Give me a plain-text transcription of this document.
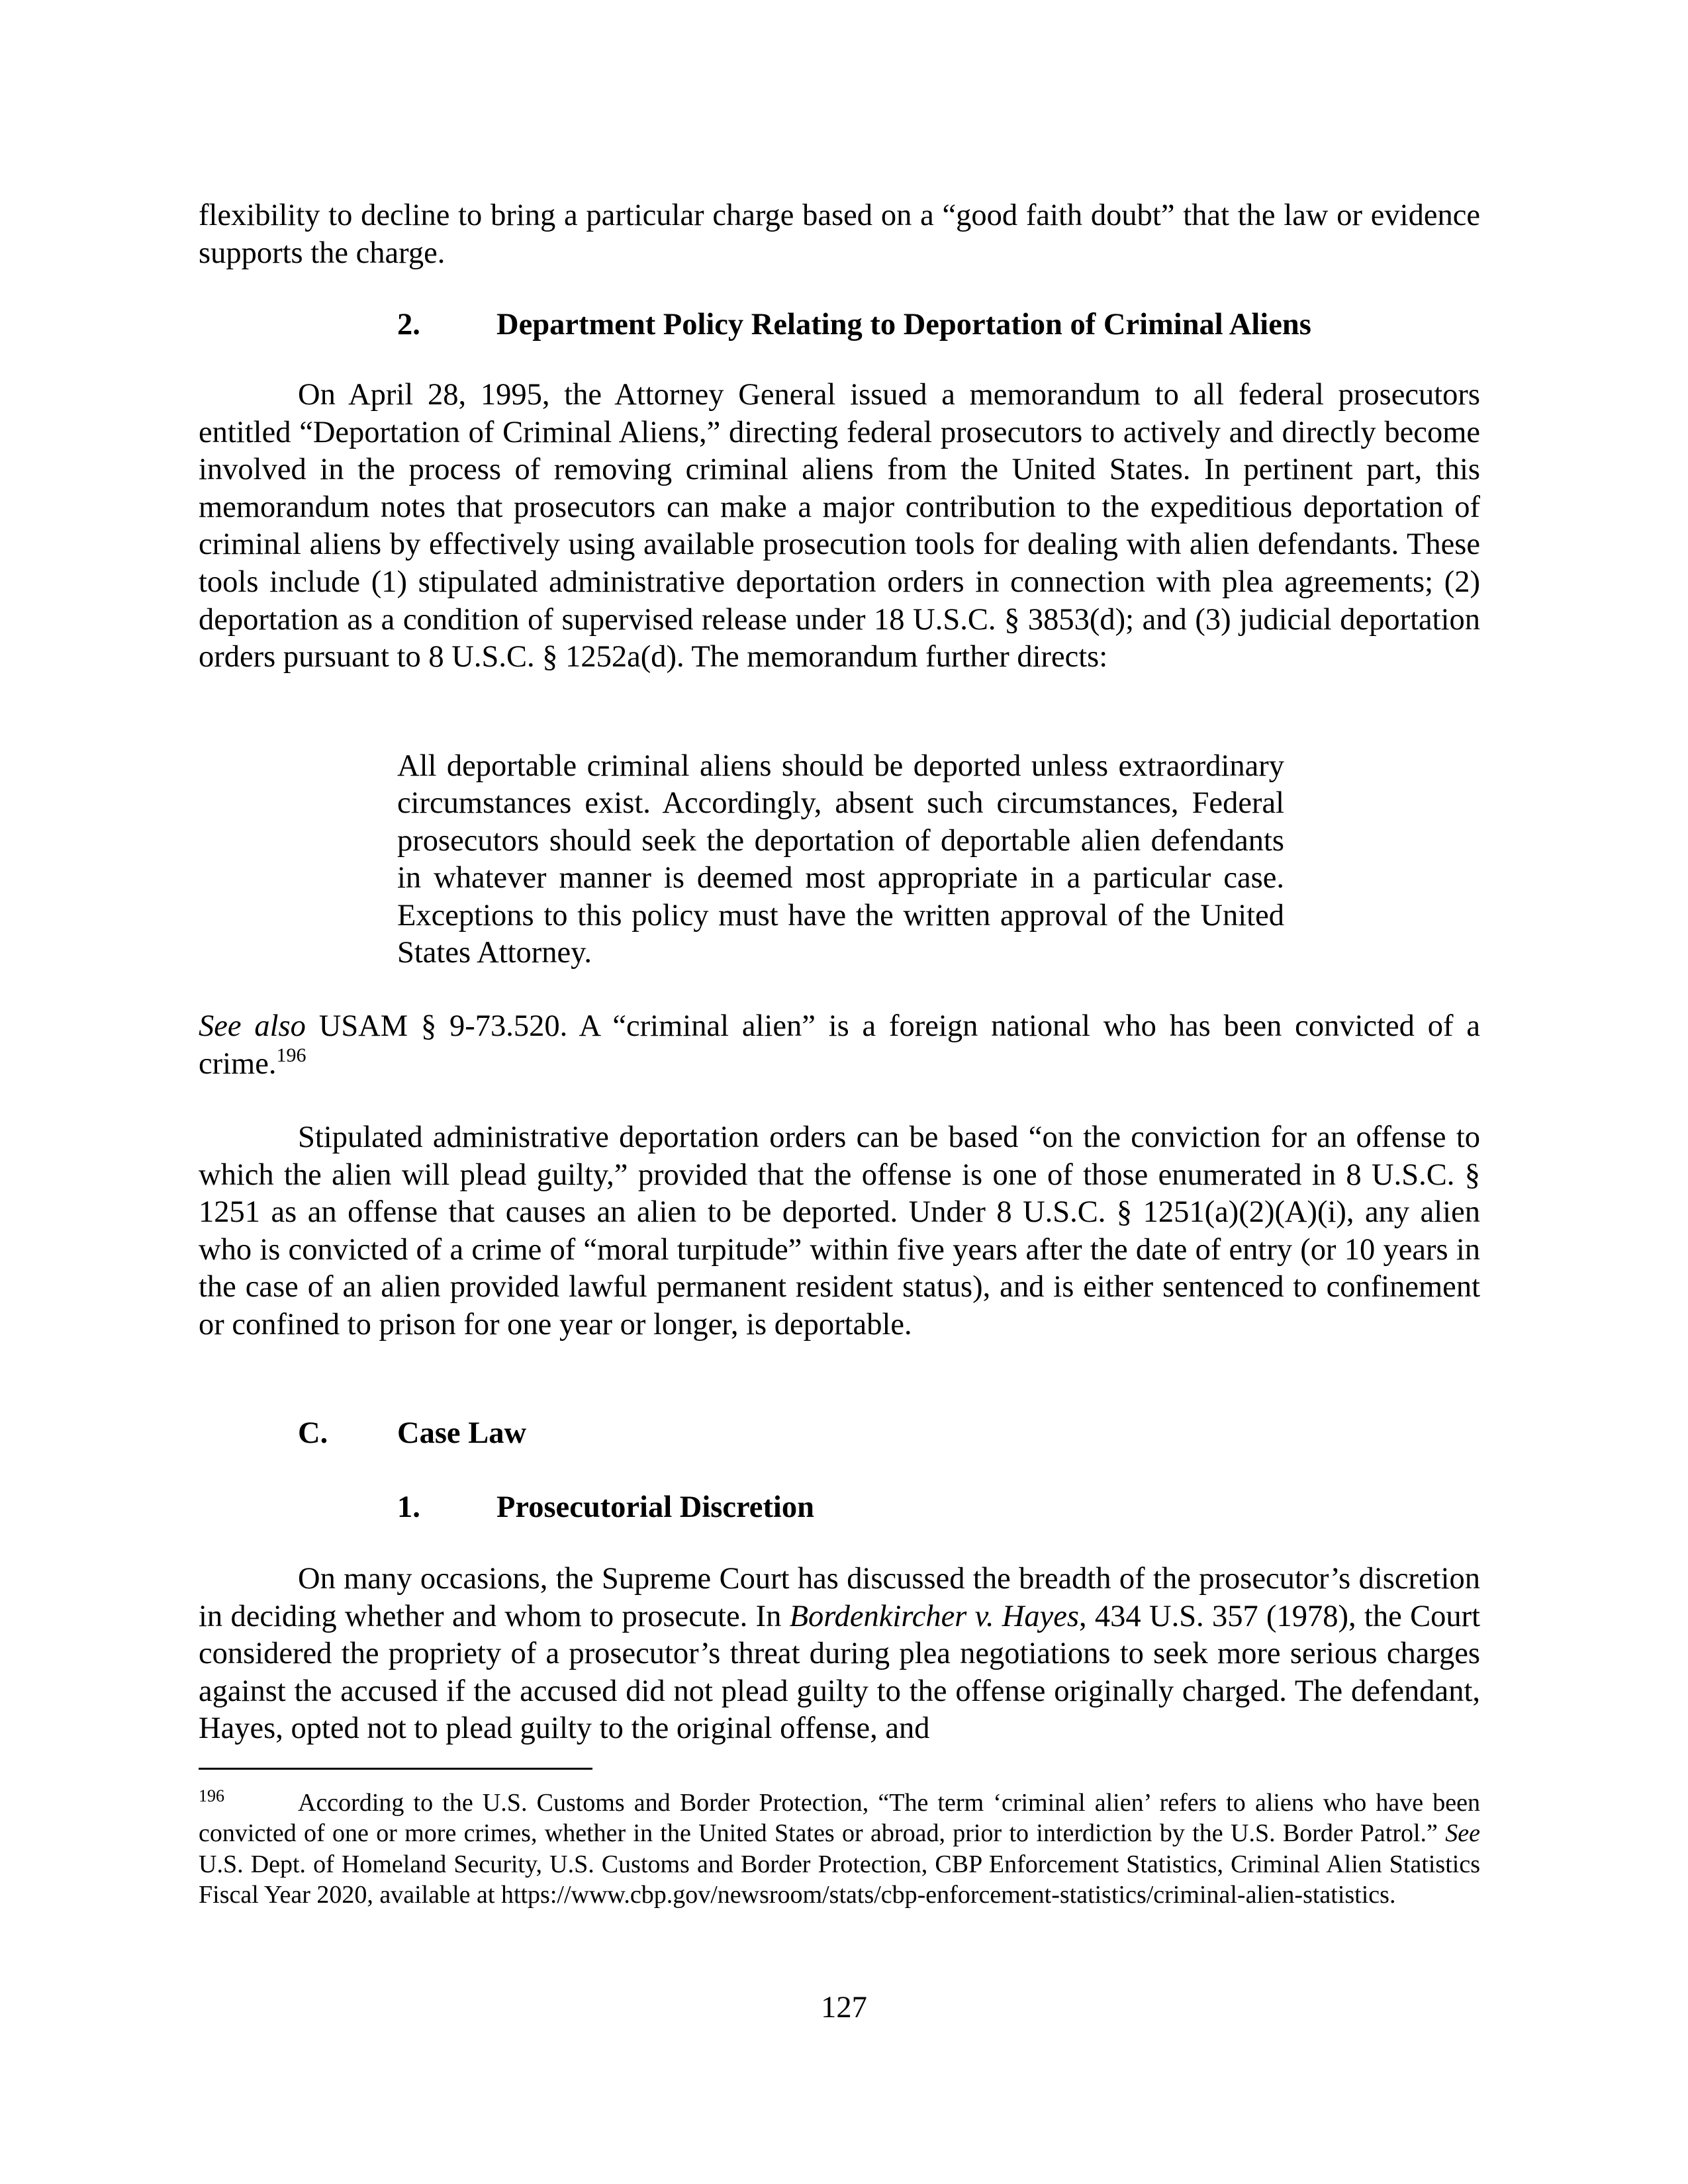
flexibility to decline to bring a particular charge based on a “good faith doubt” that the law or evidence supports the charge.

2. Department Policy Relating to Deportation of Criminal Aliens

On April 28, 1995, the Attorney General issued a memorandum to all federal prosecutors entitled “Deportation of Criminal Aliens,” directing federal prosecutors to actively and directly become involved in the process of removing criminal aliens from the United States. In pertinent part, this memorandum notes that prosecutors can make a major contribution to the expeditious deportation of criminal aliens by effectively using available prosecution tools for dealing with alien defendants. These tools include (1) stipulated administrative deportation orders in connection with plea agreements; (2) deportation as a condition of supervised release under 18 U.S.C. § 3853(d); and (3) judicial deportation orders pursuant to 8 U.S.C. § 1252a(d). The memorandum further directs:

All deportable criminal aliens should be deported unless extraordinary circumstances exist. Accordingly, absent such circumstances, Federal prosecutors should seek the deportation of deportable alien defendants in whatever manner is deemed most appropriate in a particular case. Exceptions to this policy must have the written approval of the United States Attorney.

See also USAM § 9-73.520. A “criminal alien” is a foreign national who has been convicted of a crime.$^{196}$

Stipulated administrative deportation orders can be based “on the conviction for an offense to which the alien will plead guilty,” provided that the offense is one of those enumerated in 8 U.S.C. § 1251 as an offense that causes an alien to be deported. Under 8 U.S.C. § 1251(a)(2)(A)(i), any alien who is convicted of a crime of “moral turpitude” within five years after the date of entry (or 10 years in the case of an alien provided lawful permanent resident status), and is either sentenced to confinement or confined to prison for one year or longer, is deportable.

C. Case Law
1. Prosecutorial Discretion

On many occasions, the Supreme Court has discussed the breadth of the prosecutor’s discretion in deciding whether and whom to prosecute. In Bordenkircher v. Hayes, 434 U.S. 357 (1978), the Court considered the propriety of a prosecutor’s threat during plea negotiations to seek more serious charges against the accused if the accused did not plead guilty to the offense originally charged. The defendant, Hayes, opted not to plead guilty to the original offense, and

196	According to the U.S. Customs and Border Protection, “The term ‘criminal alien’ refers to aliens who have been convicted of one or more crimes, whether in the United States or abroad, prior to interdiction by the U.S. Border Patrol.” See U.S. Dept. of Homeland Security, U.S. Customs and Border Protection, CBP Enforcement Statistics, Criminal Alien Statistics Fiscal Year 2020, available at https://www.cbp.gov/newsroom/stats/cbp-enforcement-statistics/criminal-alien-statistics.

127
